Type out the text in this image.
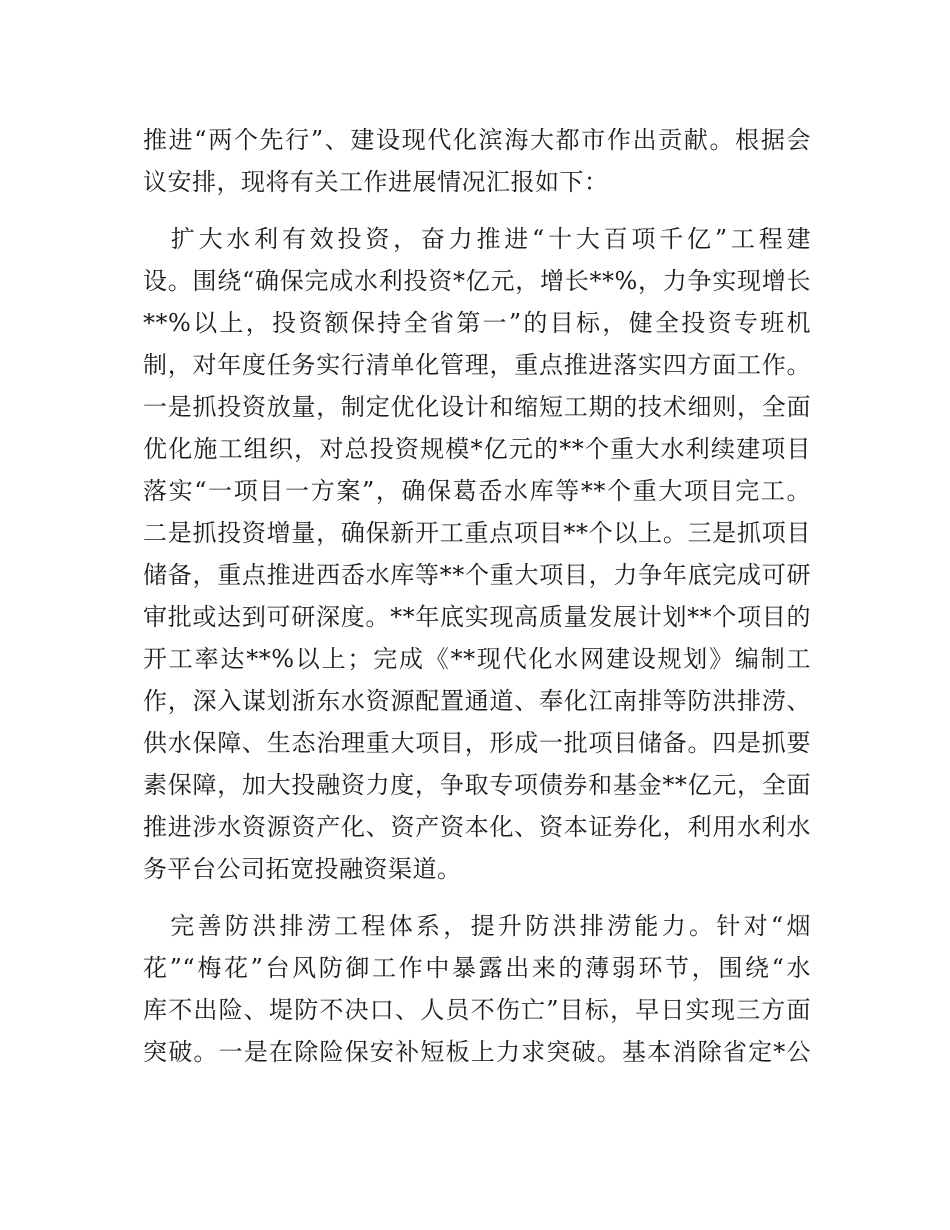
推进“两个先行”、建设现代化滨海大都市作出贡献。根据会
议安排，现将有关工作进展情况汇报如下：
　扩大水利有效投资，奋力推进“十大百项千亿”工程建
设。围绕“确保完成水利投资*亿元，增长**%，力争实现增长
**%以上，投资额保持全省第一”的目标，健全投资专班机
制，对年度任务实行清单化管理，重点推进落实四方面工作。
一是抓投资放量，制定优化设计和缩短工期的技术细则，全面
优化施工组织，对总投资规模*亿元的**个重大水利续建项目
落实“一项目一方案”，确保葛岙水库等**个重大项目完工。
二是抓投资增量，确保新开工重点项目**个以上。三是抓项目
储备，重点推进西岙水库等**个重大项目，力争年底完成可研
审批或达到可研深度。**年底实现高质量发展计划**个项目的
开工率达**%以上；完成《**现代化水网建设规划》编制工
作，深入谋划浙东水资源配置通道、奉化江南排等防洪排涝、
供水保障、生态治理重大项目，形成一批项目储备。四是抓要
素保障，加大投融资力度，争取专项债券和基金**亿元，全面
推进涉水资源资产化、资产资本化、资本证券化，利用水利水
务平台公司拓宽投融资渠道。
　完善防洪排涝工程体系，提升防洪排涝能力。针对“烟
花”“梅花”台风防御工作中暴露出来的薄弱环节，围绕“水
库不出险、堤防不决口、人员不伤亡”目标，早日实现三方面
突破。一是在除险保安补短板上力求突破。基本消除省定*公
